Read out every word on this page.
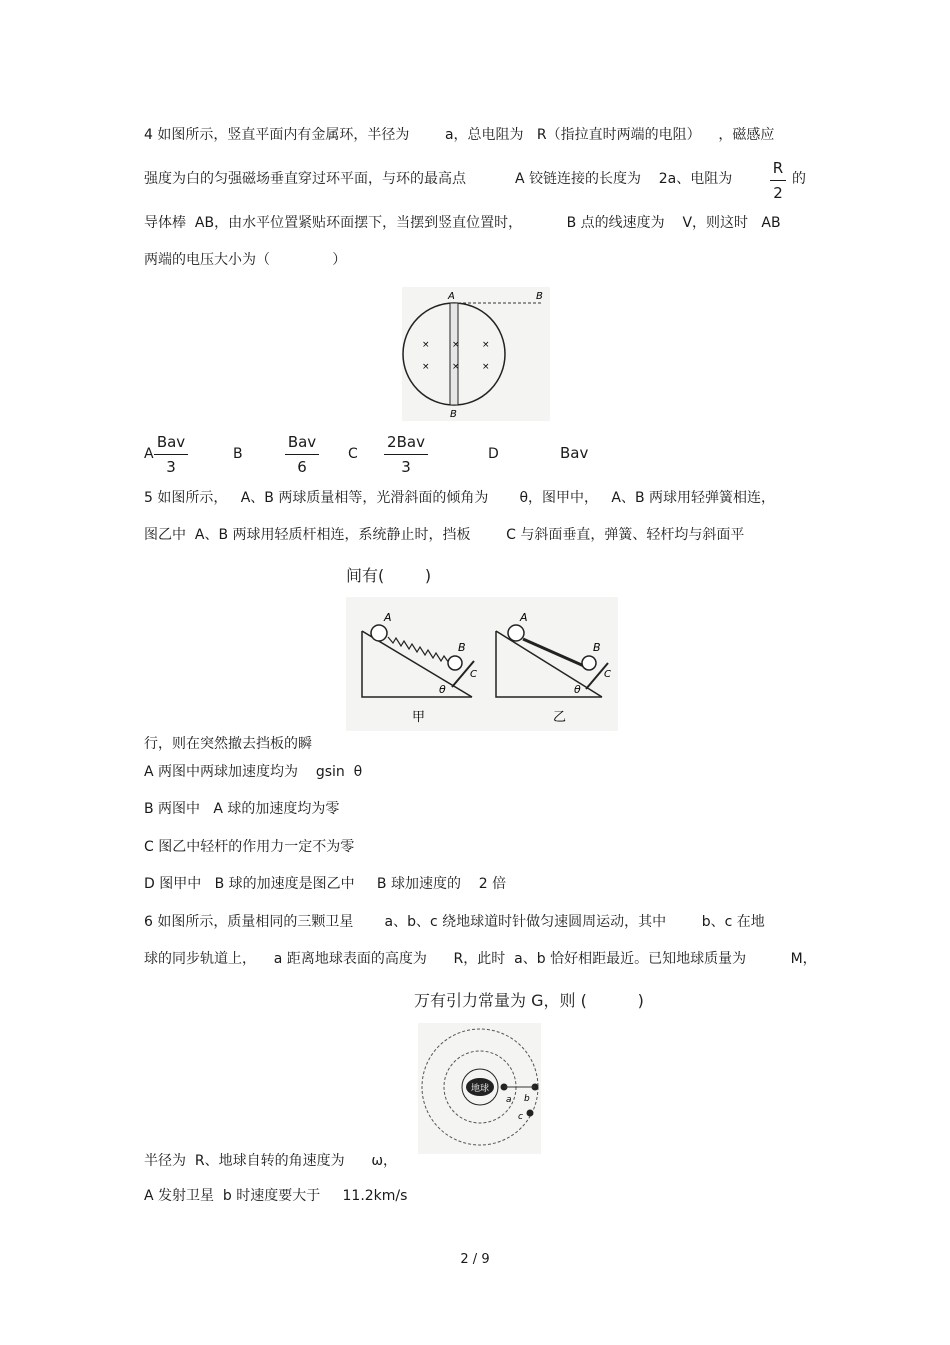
4 如图所示，竖直平面内有金属环，半径为        a，总电阻为   R（指拉直时两端的电阻）    ，磁感应
强度为白的匀强磁场垂直穿过环平面，与环的最高点           A 铰链连接的长度为    2a、电阻为
R
2
的
导体棒  AB，由水平位置紧贴环面摆下，当摆到竖直位置时，          B 点的线速度为    V，则这时   AB
两端的电压大小为（              ）
×
×
×
×
×
×
A
B
B
A
Bav
3
B
Bav
6
C
2Bav
3
D	Bav
5 如图所示，   A、B 两球质量相等，光滑斜面的倾角为       θ，图甲中，   A、B 两球用轻弹簧相连，
图乙中  A、B 两球用轻质杆相连，系统静止时，挡板        C 与斜面垂直，弹簧、轻杆均与斜面平
间有(        )
A
B
C
θ
甲
A
B
C
θ
乙
行，则在突然撤去挡板的瞬
A 两图中两球加速度均为    gsin  θ
B 两图中   A 球的加速度均为零
C 图乙中轻杆的作用力一定不为零
D 图甲中   B 球的加速度是图乙中     B 球加速度的    2 倍
6 如图所示，质量相同的三颗卫星       a、b、c 绕地球道时针做匀速圆周运动，其中        b、c 在地
球的同步轨道上，    a 距离地球表面的高度为      R，此时  a、b 恰好相距最近。已知地球质量为          M，
万有引力常量为 G，则 (          )
地球
a b
c
半径为  R、地球自转的角速度为      ω，
A 发射卫星  b 时速度要大于     11.2km/s
2 / 9
